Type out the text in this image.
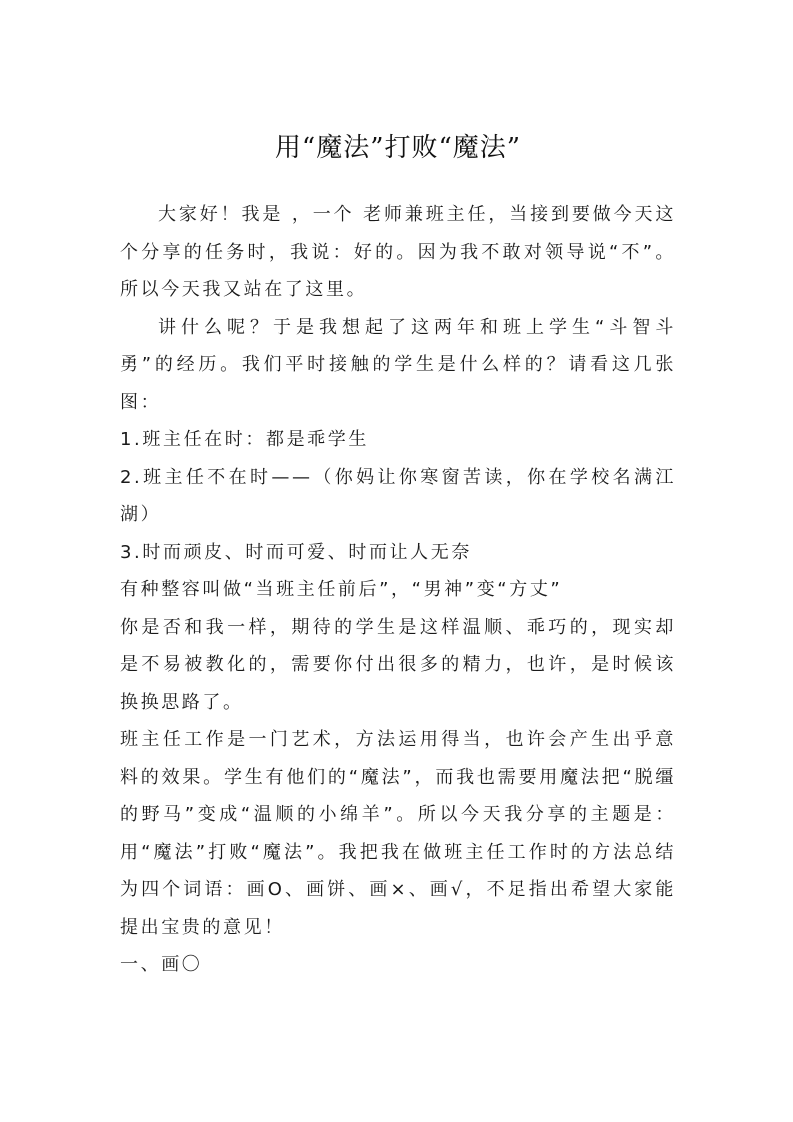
用“魔法”打败“魔法”

大家好！我是 ，一个 老师兼班主任，当接到要做今天这个分享的任务时，我说：好的。因为我不敢对领导说“不”。所以今天我又站在了这里。

讲什么呢？于是我想起了这两年和班上学生“斗智斗勇”的经历。我们平时接触的学生是什么样的？请看这几张图：

1.班主任在时：都是乖学生

2.班主任不在时——（你妈让你寒窗苦读，你在学校名满江湖）

3.时而顽皮、时而可爱、时而让人无奈

有种整容叫做“当班主任前后”，“男神”变“方丈”

你是否和我一样，期待的学生是这样温顺、乖巧的，现实却是不易被教化的，需要你付出很多的精力，也许，是时候该换换思路了。

班主任工作是一门艺术，方法运用得当，也许会产生出乎意料的效果。学生有他们的“魔法”，而我也需要用魔法把“脱缰的野马”变成“温顺的小绵羊”。所以今天我分享的主题是：用“魔法”打败“魔法”。我把我在做班主任工作时的方法总结为四个词语：画O、画饼、画×、画√，不足指出希望大家能提出宝贵的意见！

一、画〇
